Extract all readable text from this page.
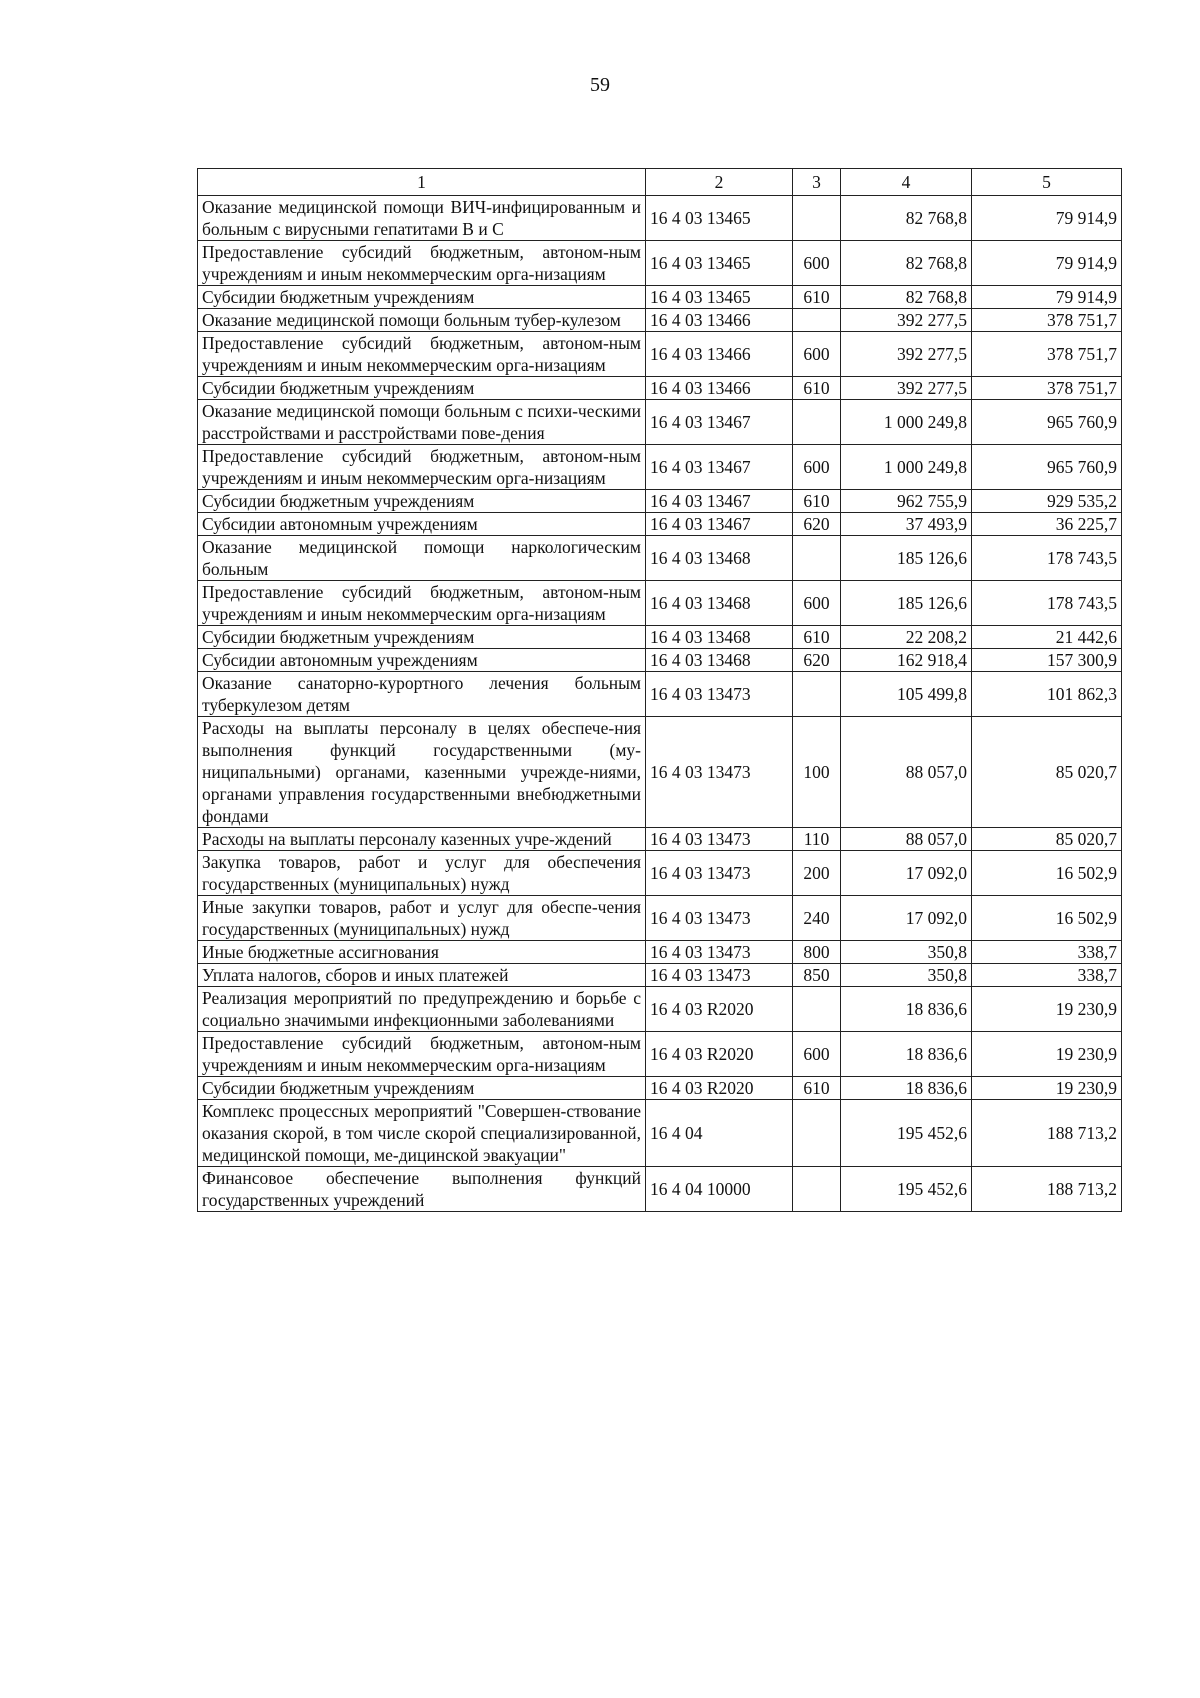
59
1	2	3	4	5
Оказание медицинской помощи ВИЧ-инфицированным и больным с вирусными гепатитами В и С	16 4 03 13465		82 768,8	79 914,9
Предоставление субсидий бюджетным, автоном-ным учреждениям и иным некоммерческим орга-низациям	16 4 03 13465	600	82 768,8	79 914,9
Субсидии бюджетным учреждениям	16 4 03 13465	610	82 768,8	79 914,9
Оказание медицинской помощи больным тубер-кулезом	16 4 03 13466		392 277,5	378 751,7
Предоставление субсидий бюджетным, автоном-ным учреждениям и иным некоммерческим орга-низациям	16 4 03 13466	600	392 277,5	378 751,7
Субсидии бюджетным учреждениям	16 4 03 13466	610	392 277,5	378 751,7
Оказание медицинской помощи больным с психи-ческими расстройствами и расстройствами пове-дения	16 4 03 13467		1 000 249,8	965 760,9
Предоставление субсидий бюджетным, автоном-ным учреждениям и иным некоммерческим орга-низациям	16 4 03 13467	600	1 000 249,8	965 760,9
Субсидии бюджетным учреждениям	16 4 03 13467	610	962 755,9	929 535,2
Субсидии автономным учреждениям	16 4 03 13467	620	37 493,9	36 225,7
Оказание медицинской помощи наркологическим больным	16 4 03 13468		185 126,6	178 743,5
Предоставление субсидий бюджетным, автоном-ным учреждениям и иным некоммерческим орга-низациям	16 4 03 13468	600	185 126,6	178 743,5
Субсидии бюджетным учреждениям	16 4 03 13468	610	22 208,2	21 442,6
Субсидии автономным учреждениям	16 4 03 13468	620	162 918,4	157 300,9
Оказание санаторно-курортного лечения больным туберкулезом детям	16 4 03 13473		105 499,8	101 862,3
Расходы на выплаты персоналу в целях обеспече-ния выполнения функций государственными (му-ниципальными) органами, казенными учрежде-ниями, органами управления государственными внебюджетными фондами	16 4 03 13473	100	88 057,0	85 020,7
Расходы на выплаты персоналу казенных учре-ждений	16 4 03 13473	110	88 057,0	85 020,7
Закупка товаров, работ и услуг для обеспечения государственных (муниципальных) нужд	16 4 03 13473	200	17 092,0	16 502,9
Иные закупки товаров, работ и услуг для обеспе-чения государственных (муниципальных) нужд	16 4 03 13473	240	17 092,0	16 502,9
Иные бюджетные ассигнования	16 4 03 13473	800	350,8	338,7
Уплата налогов, сборов и иных платежей	16 4 03 13473	850	350,8	338,7
Реализация мероприятий по предупреждению и борьбе с социально значимыми инфекционными заболеваниями	16 4 03 R2020		18 836,6	19 230,9
Предоставление субсидий бюджетным, автоном-ным учреждениям и иным некоммерческим орга-низациям	16 4 03 R2020	600	18 836,6	19 230,9
Субсидии бюджетным учреждениям	16 4 03 R2020	610	18 836,6	19 230,9
Комплекс процессных мероприятий "Совершен-ствование оказания скорой, в том числе скорой специализированной, медицинской помощи, ме-дицинской эвакуации"	16 4 04		195 452,6	188 713,2
Финансовое обеспечение выполнения функций государственных учреждений	16 4 04 10000		195 452,6	188 713,2
